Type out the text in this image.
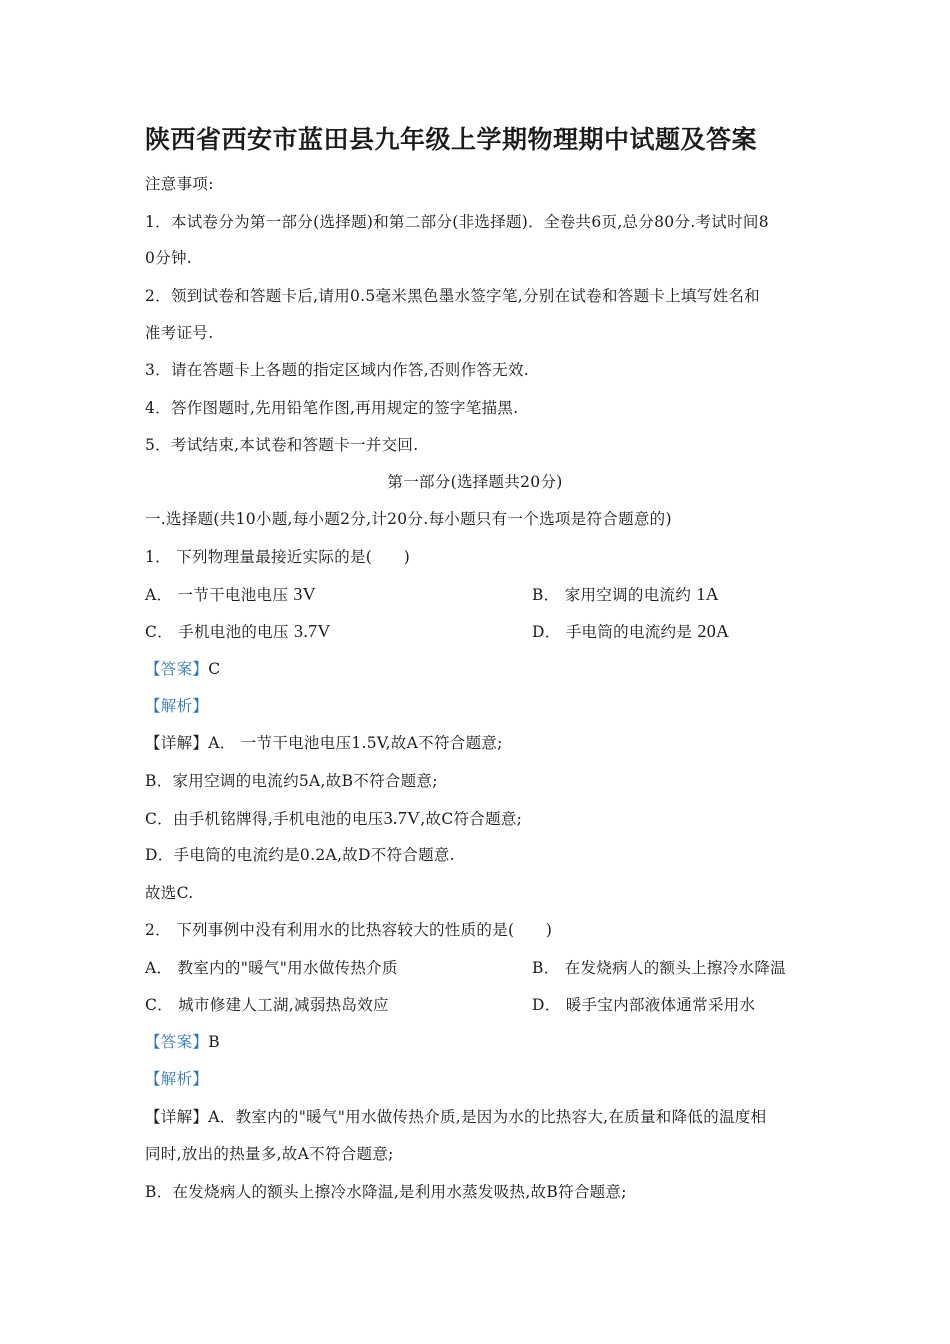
陕西省西安市蓝田县九年级上学期物理期中试题及答案
注意事项:
1．本试卷分为第一部分(选择题)和第二部分(非选择题)．全卷共6页,总分80分.考试时间8
0分钟.
2．领到试卷和答题卡后,请用0.5毫米黑色墨水签字笔,分别在试卷和答题卡上填写姓名和
准考证号.
3．请在答题卡上各题的指定区域内作答,否则作答无效.
4．答作图题时,先用铅笔作图,再用规定的签字笔描黑.
5．考试结束,本试卷和答题卡一并交回.
第一部分(选择题共20分)
一.选择题(共10小题,每小题2分,计20分.每小题只有一个选项是符合题意的)
1． 下列物理量最接近实际的是(　　)
A． 一节干电池电压 3V	B． 家用空调的电流约 1A
C． 手机电池的电压 3.7V	D． 手电筒的电流约是 20A
【答案】C
【解析】
【详解】A． 一节干电池电压1.5V,故A不符合题意;
B．家用空调的电流约5A,故B不符合题意;
C．由手机铭牌得,手机电池的电压3.7V,故C符合题意;
D．手电筒的电流约是0.2A,故D不符合题意.
故选C.
2． 下列事例中没有利用水的比热容较大的性质的是(　　)
A． 教室内的"暖气"用水做传热介质	B． 在发烧病人的额头上擦冷水降温
C． 城市修建人工湖,减弱热岛效应	D． 暖手宝内部液体通常采用水
【答案】B
【解析】
【详解】A．教室内的"暖气"用水做传热介质,是因为水的比热容大,在质量和降低的温度相
同时,放出的热量多,故A不符合题意;
B．在发烧病人的额头上擦冷水降温,是利用水蒸发吸热,故B符合题意;
